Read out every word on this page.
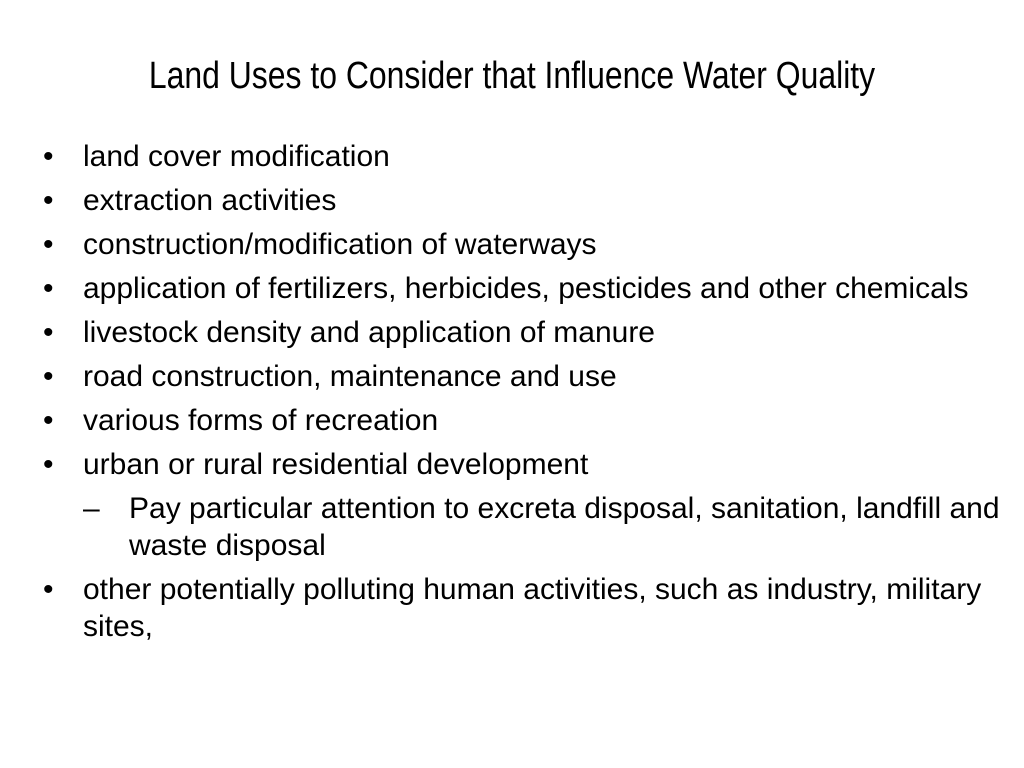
Land Uses to Consider that Influence Water Quality
• land cover modification
• extraction activities
• construction/modification of waterways
• application of fertilizers, herbicides, pesticides and other chemicals
• livestock density and application of manure
• road construction, maintenance and use
• various forms of recreation
• urban or rural residential development
– Pay particular attention to excreta disposal, sanitation, landfill and waste disposal
• other potentially polluting human activities, such as industry, military sites,
